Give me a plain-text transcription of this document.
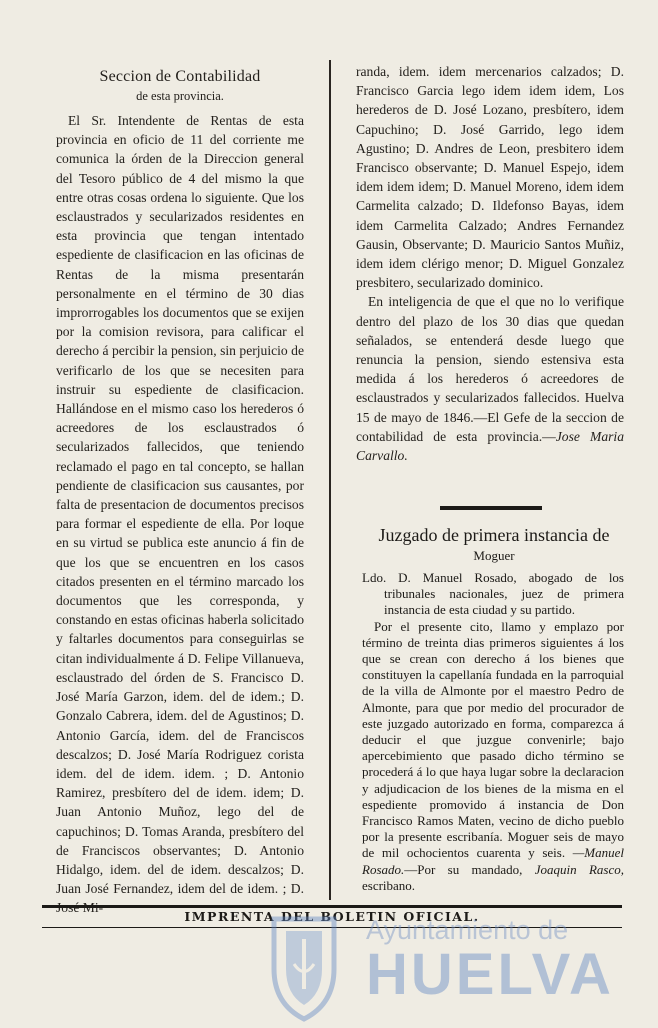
Seccion de Contabilidad
de esta provincia.

El Sr. Intendente de Rentas de esta provincia en oficio de 11 del corriente me comunica la órden de la Direccion general del Tesoro público de 4 del mismo la que entre otras cosas ordena lo siguiente. Que los esclaustrados y secularizados residentes en esta provincia que tengan intentado espediente de clasificacion en las oficinas de Rentas de la misma presentarán personalmente en el término de 30 dias improrrogables los documentos que se exijen por la comision revisora, para calificar el derecho á percibir la pension, sin perjuicio de verificarlo de los que se necesiten para instruir su espediente de clasificacion. Hallándose en el mismo caso los herederos ó acreedores de los esclaustrados ó secularizados fallecidos, que teniendo reclamado el pago en tal concepto, se hallan pendiente de clasificacion sus causantes, por falta de presentacion de documentos precisos para formar el espediente de ella. Por loque en su virtud se publica este anuncio á fin de que los que se encuentren en los casos citados presenten en el término marcado los documentos que les corresponda, y constando en estas oficinas haberla solicitado y faltarles documentos para conseguirlas se citan individualmente á D. Felipe Villanueva, esclaustrado del órden de S. Francisco D. José María Garzon, idem. del de idem.; D. Gonzalo Cabrera, idem. del de Agustinos; D. Antonio García, idem. del de Franciscos descalzos; D. José María Rodriguez corista idem. del de idem. idem. ; D. Antonio Ramirez, presbítero del de idem. idem; D. Juan Antonio Muñoz, lego del de capuchinos; D. Tomas Aranda, presbítero del de Franciscos observantes; D. Antonio Hidalgo, idem. del de idem. descalzos; D. Juan José Fernandez, idem del de idem. ; D.

randa, idem. idem mercenarios calzados; D. Francisco Garcia lego idem idem idem, Los herederos de D. José Lozano, presbítero, idem Capuchino; D. José Garrido, lego idem Agustino; D. Andres de Leon, presbitero idem Francisco observante; D. Manuel Espejo, idem idem idem idem; D. Manuel Moreno, idem idem Carmelita calzado; D. Ildefonso Bayas, idem idem Carmelita Calzado; Andres Fernandez Gausin, Observante; D. Mauricio Santos Muñiz, idem idem clérigo menor; D. Miguel Gonzalez presbitero, secularizado dominico.

En inteligencia de que el que no lo verifique dentro del plazo de los 30 dias que quedan señalados, se entenderá desde luego que renuncia la pension, siendo estensiva esta medida á los herederos ó acreedores de esclaustrados y secularizados fallecidos. Huelva 15 de mayo de 1846.—El Gefe de la seccion de contabilidad de esta provincia.—Jose Maria Carvallo.

Juzgado de primera instancia de
Moguer

Ldo. D. Manuel Rosado, abogado de los tribunales nacionales, juez de primera instancia de esta ciudad y su partido.

Por el presente cito, llamo y emplazo por término de treinta dias primeros siguientes á los que se crean con derecho á los bienes que constituyen la capellanía fundada en la parroquial de la villa de Almonte por el maestro Pedro de Almonte, para que por medio del procurador de este juzgado autorizado en forma, comparezca á deducir el que juzgue convenirle; bajo apercebimiento que pasado dicho término se procederá á lo que haya lugar sobre la declaracion y adjudicacion de los bienes de la misma en el espediente promovido á instancia de Don Francisco Ramos Maten, vecino de dicho pueblo por la presente escribanía. Moguer seis de mayo de mil ochocientos cuarenta y seis. —Manuel Rosado.—Por su mandado, Joaquin Rasco, escribano.

IMPRENTA DEL BOLETIN OFICIAL.
Ayuntamiento de
HUELVA
